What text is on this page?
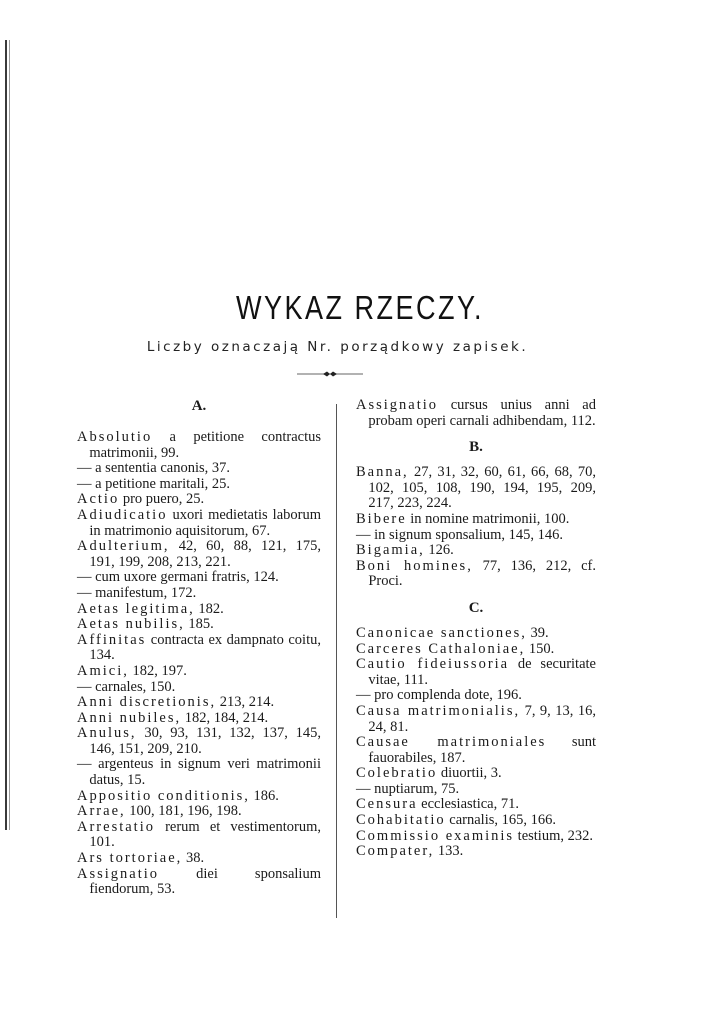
WYKAZ RZECZY.
Liczby oznaczają Nr. porządkowy zapisek.
A.

Absolutio a petitione contractus matrimonii, 99.

— a sententia canonis, 37.

— a petitione maritali, 25.

Actio pro puero, 25.

Adiudicatio uxori medietatis laborum in matrimonio aquisitorum, 67.

Adulterium, 42, 60, 88, 121, 175, 191, 199, 208, 213, 221.

— cum uxore germani fratris, 124.

— manifestum, 172.

Aetas legitima, 182.

Aetas nubilis, 185.

Affinitas contracta ex dampnato coitu, 134.

Amici, 182, 197.

— carnales, 150.

Anni discretionis, 213, 214.

Anni nubiles, 182, 184, 214.

Anulus, 30, 93, 131, 132, 137, 145, 146, 151, 209, 210.

— argenteus in signum veri matrimonii datus, 15.

Appositio conditionis, 186.

Arrae, 100, 181, 196, 198.

Arrestatio rerum et vestimentorum, 101.

Ars tortoriae, 38.

Assignatio diei sponsalium fiendorum, 53.

Assignatio cursus unius anni ad probam operi carnali adhibendam, 112.

B.

Banna, 27, 31, 32, 60, 61, 66, 68, 70, 102, 105, 108, 190, 194, 195, 209, 217, 223, 224.

Bibere in nomine matrimonii, 100.

— in signum sponsalium, 145, 146.

Bigamia, 126.

Boni homines, 77, 136, 212, cf. Proci.

C.

Canonicae sanctiones, 39.

Carceres Cathaloniae, 150.

Cautio fideiussoria de securitate vitae, 111.

— pro complenda dote, 196.

Causa matrimonialis, 7, 9, 13, 16, 24, 81.

Causae matrimoniales sunt fauorabiles, 187.

Colebratio diuortii, 3.

— nuptiarum, 75.

Censura ecclesiastica, 71.

Cohabitatio carnalis, 165, 166.

Commissio examinis testium, 232.

Compater, 133.
